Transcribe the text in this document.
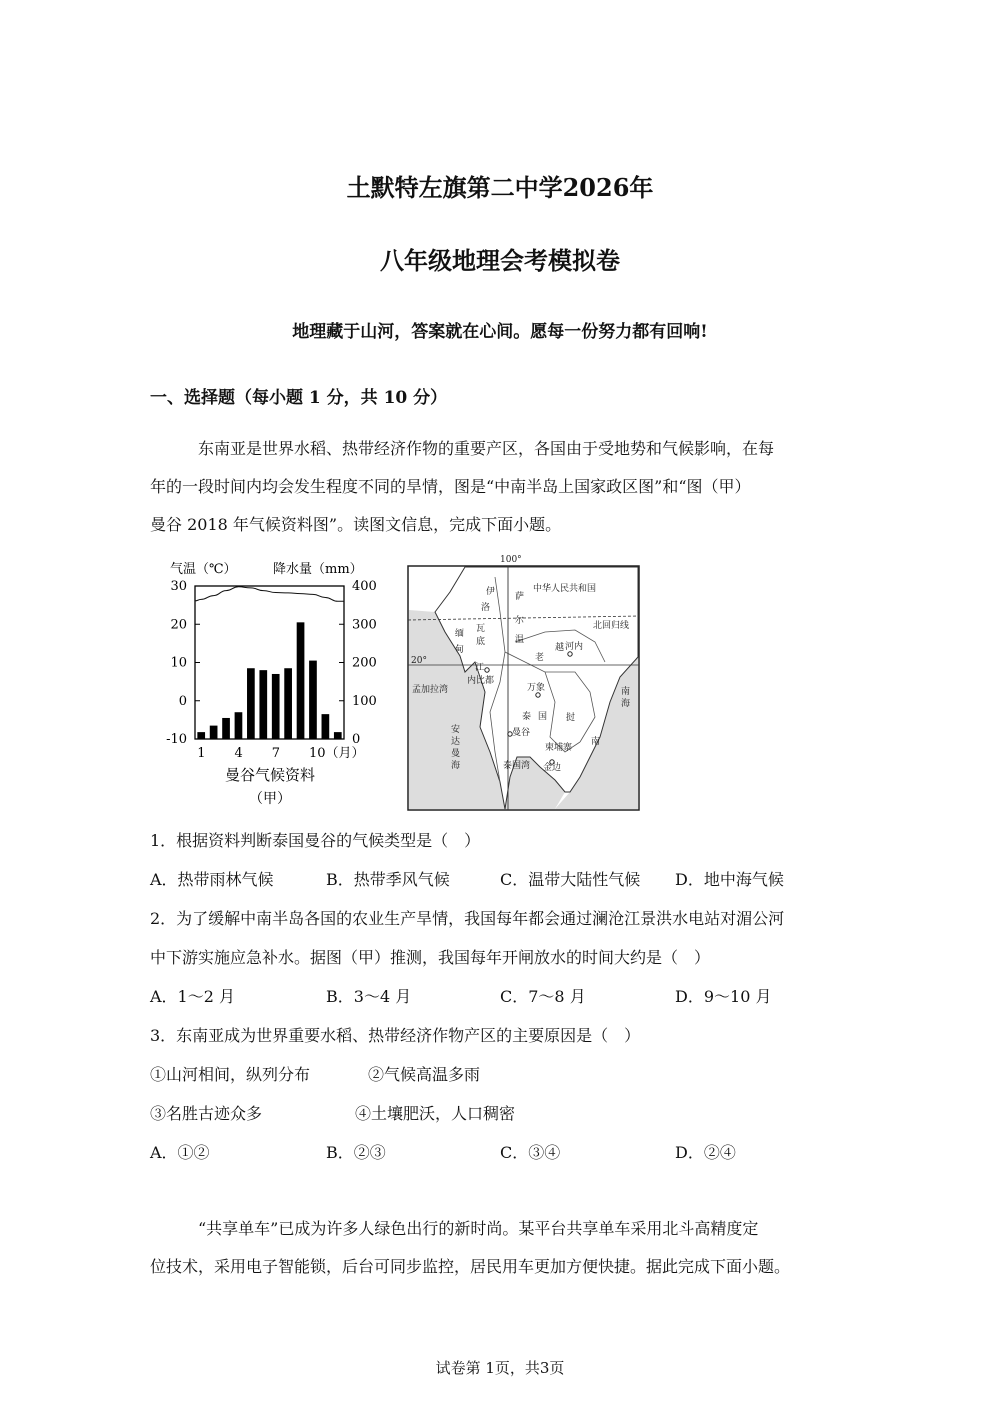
土默特左旗第二中学2026年
八年级地理会考模拟卷
地理藏于山河，答案就在心间。愿每一份努力都有回响!
一、选择题（每小题 1 分，共 10 分）
东南亚是世界水稻、热带经济作物的重要产区，各国由于受地势和气候影响，在每
年的一段时间内均会发生程度不同的旱情，图是“中南半岛上国家政区图”和“图（甲）
曼谷 2018 年气候资料图”。读图文信息，完成下面小题。
气温（℃）	降水量（mm）
30
20
10
0
-10
400
300
200
100
0
1 4 7 10（月）
曼谷气候资料
（甲）
100°
20°
北回归线
中华人民共和国
伊
洛
瓦
底
缅
甸
江
萨
尔
温
老
越
泰 国 挝
柬埔寨
南
河内
万象
曼谷
金边
内比都
孟加拉湾
安达曼海	泰国湾
南海
1．根据资料判断泰国曼谷的气候类型是（　）
A．热带雨林气候	B．热带季风气候	C．温带大陆性气候 D．地中海气候
2．为了缓解中南半岛各国的农业生产旱情，我国每年都会通过澜沧江景洪水电站对湄公河
中下游实施应急补水。据图（甲）推测，我国每年开闸放水的时间大约是（　）
A．1～2 月	B．3～4 月	C．7～8 月	D．9～10 月
3．东南亚成为世界重要水稻、热带经济作物产区的主要原因是（　）
①山河相间，纵列分布	②气候高温多雨
③名胜古迹众多	④土壤肥沃，人口稠密
A．①②	B．②③	C．③④	D．②④
“共享单车”已成为许多人绿色出行的新时尚。某平台共享单车采用北斗高精度定
位技术，采用电子智能锁，后台可同步监控，居民用车更加方便快捷。据此完成下面小题。
试卷第 1页，共3页
